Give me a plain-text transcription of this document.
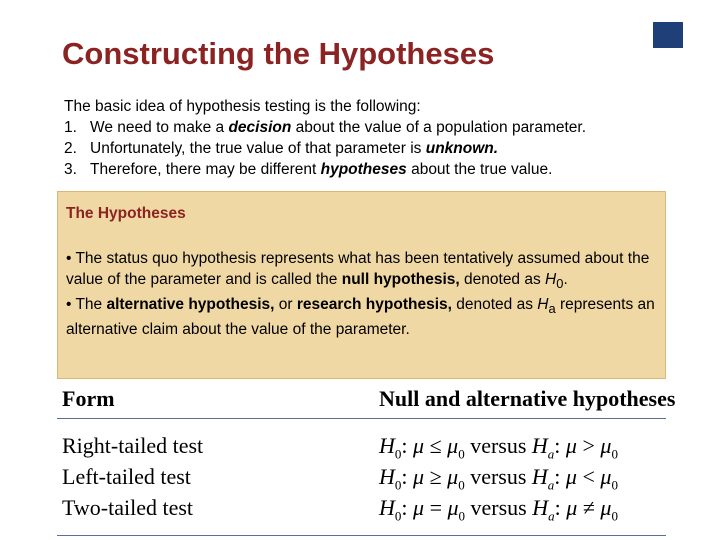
4
Constructing the Hypotheses
The basic idea of hypothesis testing is the following:
1. We need to make a decision about the value of a population parameter.
2. Unfortunately, the true value of that parameter is unknown.
3. Therefore, there may be different hypotheses about the true value.
The Hypotheses
• The status quo hypothesis represents what has been tentatively assumed about the value of the parameter and is called the null hypothesis, denoted as $H_0$.
• The alternative hypothesis, or research hypothesis, denoted as $H_a$ represents an alternative claim about the value of the parameter.
Form	Null and alternative hypotheses
Right-tailed test	$H_0$: $\mu \le \mu_0$ versus $H_a$: $\mu > \mu_0$
Left-tailed test	$H_0$: $\mu \ge \mu_0$ versus $H_a$: $\mu < \mu_0$
Two-tailed test	$H_0$: $\mu = \mu_0$ versus $H_a$: $\mu \ne \mu_0$
